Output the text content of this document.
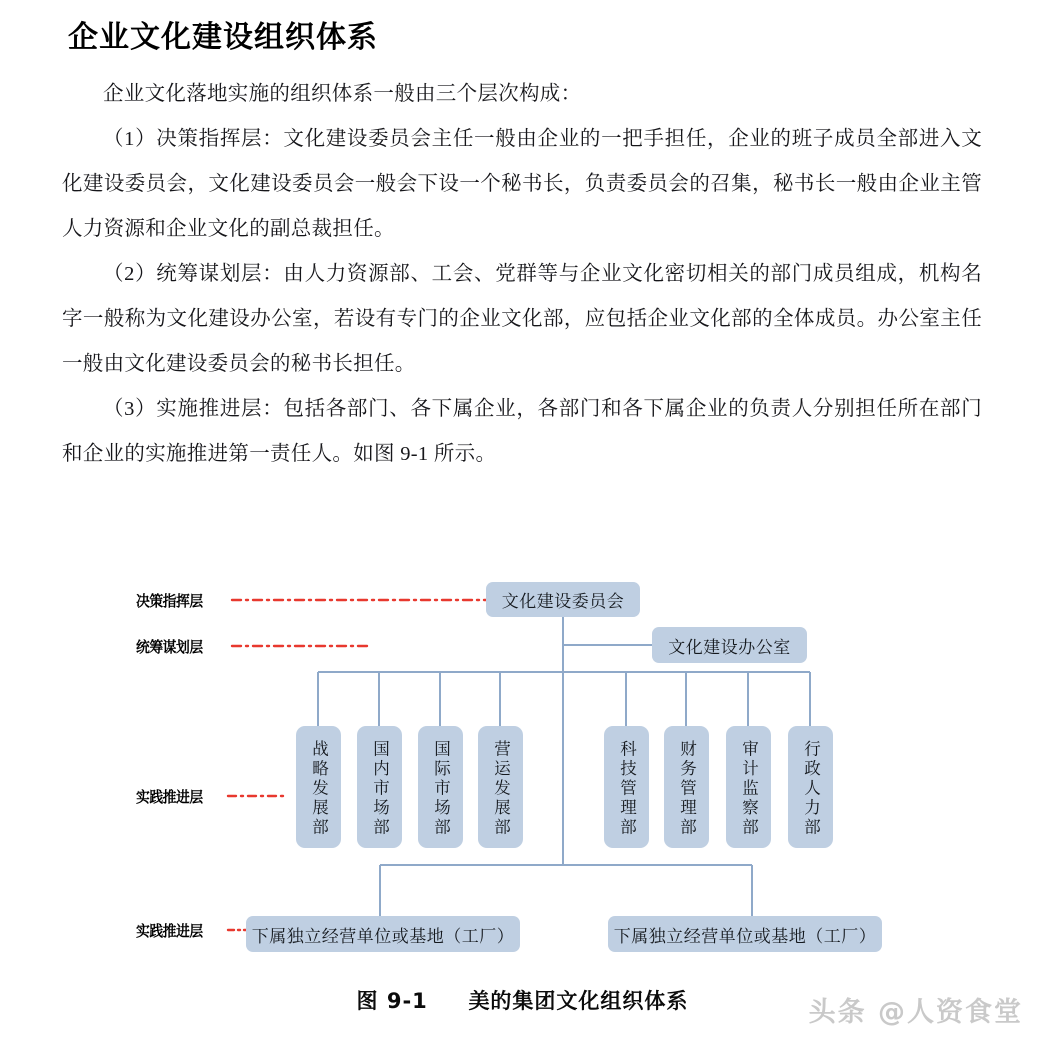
企业文化建设组织体系

企业文化落地实施的组织体系一般由三个层次构成：

（1）决策指挥层：文化建设委员会主任一般由企业的一把手担任，企业的班子成员全部进入文化建设委员会，文化建设委员会一般会下设一个秘书长，负责委员会的召集，秘书长一般由企业主管人力资源和企业文化的副总裁担任。

（2）统筹谋划层：由人力资源部、工会、党群等与企业文化密切相关的部门成员组成，机构名字一般称为文化建设办公室，若设有专门的企业文化部，应包括企业文化部的全体成员。办公室主任一般由文化建设委员会的秘书长担任。

（3）实施推进层：包括各部门、各下属企业，各部门和各下属企业的负责人分别担任所在部门和企业的实施推进第一责任人。如图 9-1 所示。

决策指挥层
统筹谋划层
实践推进层
实践推进层
文化建设委员会
文化建设办公室
战略发展部	国内市场部	国际市场部	营运发展部	科技管理部	财务管理部	审计监察部	行政人力部
下属独立经营单位或基地（工厂）	下属独立经营单位或基地（工厂）
图 9-1 美的集团文化组织体系	头条 @人资食堂
